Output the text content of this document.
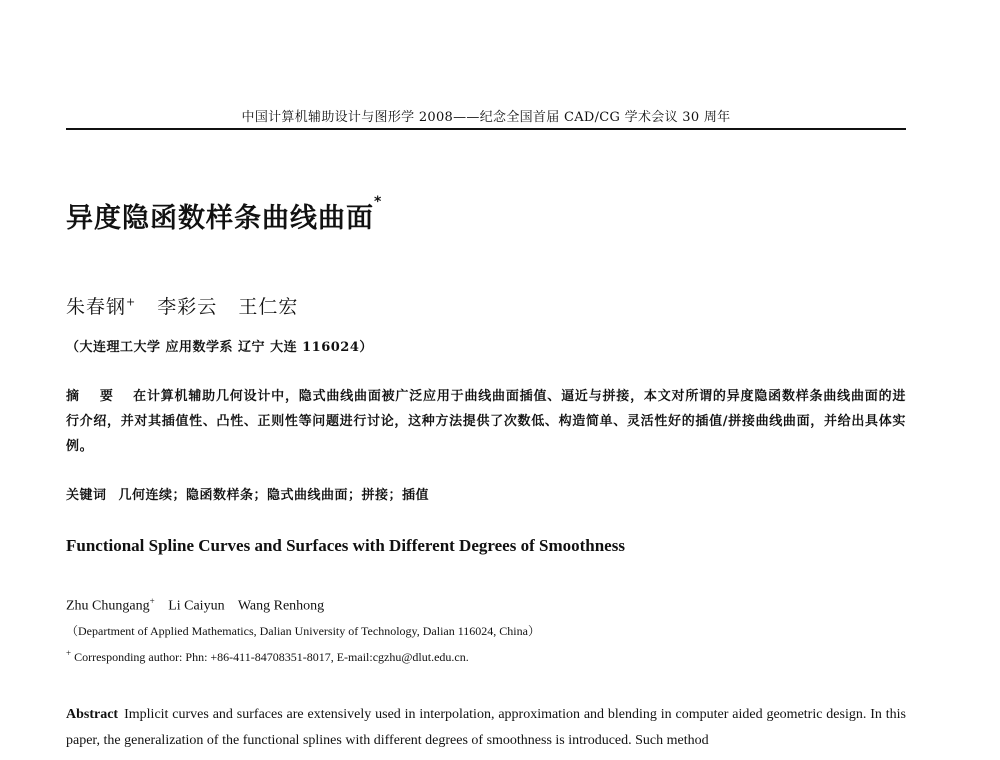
中国计算机辅助设计与图形学 2008——纪念全国首届 CAD/CG 学术会议 30 周年
异度隐函数样条曲线曲面*
朱春钢+ 李彩云 王仁宏
（大连理工大学 应用数学系 辽宁 大连 116024）
摘 要 在计算机辅助几何设计中，隐式曲线曲面被广泛应用于曲线曲面插值、逼近与拼接，本文对所谓的异度隐函数样条曲线曲面的进行介绍，并对其插值性、凸性、正则性等问题进行讨论，这种方法提供了次数低、构造简单、灵活性好的插值/拼接曲线曲面，并给出具体实例。
关键词 几何连续；隐函数样条；隐式曲线曲面；拼接；插值
Functional Spline Curves and Surfaces with Different Degrees of Smoothness
Zhu Chungang+ Li Caiyun Wang Renhong
（Department of Applied Mathematics, Dalian University of Technology, Dalian 116024, China）
+ Corresponding author: Phn: +86-411-84708351-8017, E-mail:cgzhu@dlut.edu.cn.
Abstract Implicit curves and surfaces are extensively used in interpolation, approximation and blending in computer aided geometric design. In this paper, the generalization of the functional splines with different degrees of smoothness is introduced. Such method
